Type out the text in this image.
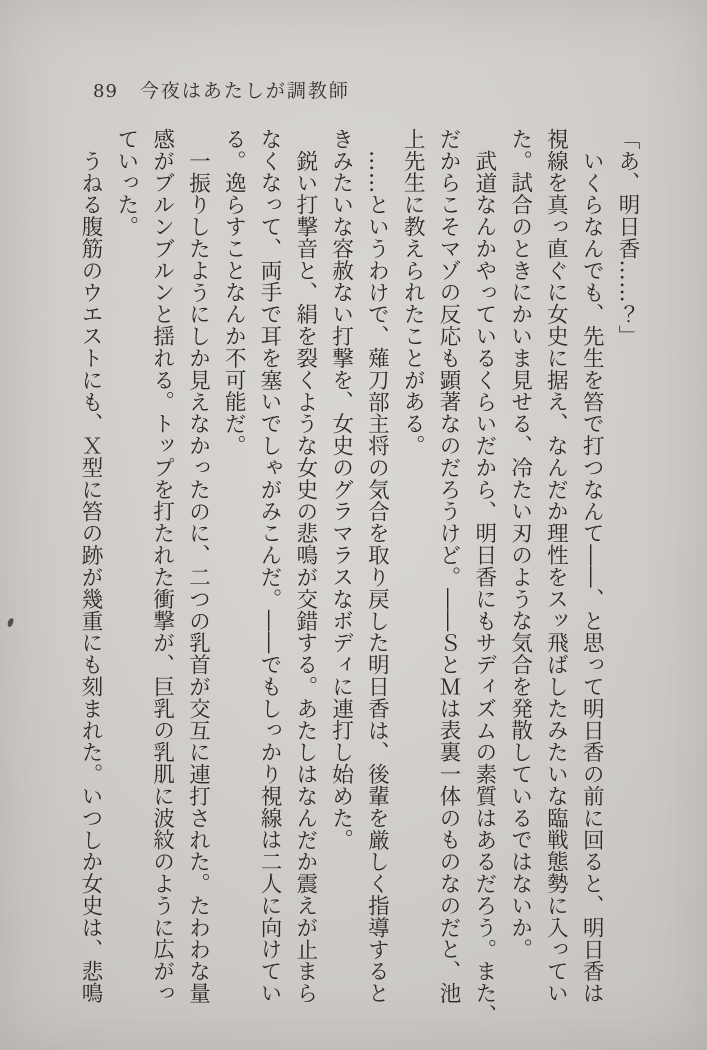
89 今夜はあたしが調教師
「あ、明日香……？」
いくらなんでも、先生を笞で打つなんて――、と思って明日香の前に回ると、明日香は
視線を真っ直ぐに女史に据え、なんだか理性をスッ飛ばしたみたいな臨戦態勢に入ってい
た。試合のときにかいま見せる、冷たい刃のような気合を発散しているではないか。
武道なんかやっているくらいだから、明日香にもサディズムの素質はあるだろう。また、
だからこそマゾの反応も顕著なのだろうけど。――ＳとＭは表裏一体のものなのだと、池
上先生に教えられたことがある。
……というわけで、薙刀部主将の気合を取り戻した明日香は、後輩を厳しく指導すると
きみたいな容赦ない打撃を、女史のグラマラスなボディに連打し始めた。
鋭い打撃音と、絹を裂くような女史の悲鳴が交錯する。あたしはなんだか震えが止まら
なくなって、両手で耳を塞いでしゃがみこんだ。――でもしっかり視線は二人に向けてい
る。逸らすことなんか不可能だ。
一振りしたようにしか見えなかったのに、二つの乳首が交互に連打された。たわわな量
感がブルンブルンと揺れる。トップを打たれた衝撃が、巨乳の乳肌に波紋のように広がっ
ていった。
うねる腹筋のウエストにも、Ｘ型に笞の跡が幾重にも刻まれた。いつしか女史は、悲鳴
